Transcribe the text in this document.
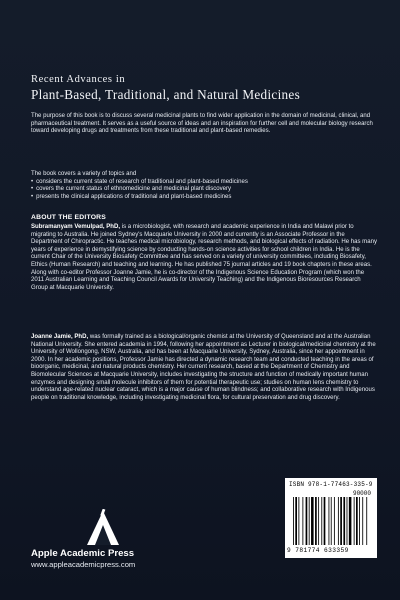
Recent Advances in
Plant-Based, Traditional, and Natural Medicines
The purpose of this book is to discuss several medicinal plants to find wider application in the domain of medicinal, clinical, and pharmaceutical treatment. It serves as a useful source of ideas and an inspiration for further cell and molecular biology research toward developing drugs and treatments from these traditional and plant-based remedies.
The book covers a variety of topics and
• considers the current state of research of traditional and plant-based medicines
• covers the current status of ethnomedicine and medicinal plant discovery
• presents the clinical applications of traditional and plant-based medicines
ABOUT THE EDITORS
Subramanyam Vemulpad, PhD, is a microbiologist, with research and academic experience in India and Malawi prior to migrating to Australia. He joined Sydney's Macquarie University in 2000 and currently is an Associate Professor in the Department of Chiropractic. He teaches medical microbiology, research methods, and biological effects of radiation. He has many years of experience in demystifying science by conducting hands-on science activities for school children in India. He is the current Chair of the University Biosafety Committee and has served on a variety of university committees, including Biosafety, Ethics (Human Research) and teaching and learning. He has published 75 journal articles and 19 book chapters in these areas. Along with co-editor Professor Joanne Jamie, he is co-director of the Indigenous Science Education Program (which won the 2011 Australian Learning and Teaching Council Awards for University Teaching) and the Indigenous Bioresources Research Group at Macquarie University.
Joanne Jamie, PhD, was formally trained as a biological/organic chemist at the University of Queensland and at the Australian National University. She entered academia in 1994, following her appointment as Lecturer in biological/medicinal chemistry at the University of Wollongong, NSW, Australia, and has been at Macquarie University, Sydney, Australia, since her appointment in 2000. In her academic positions, Professor Jamie has directed a dynamic research team and conducted teaching in the areas of bioorganic, medicinal, and natural products chemistry. Her current research, based at the Department of Chemistry and Biomolecular Sciences at Macquarie University, includes investigating the structure and function of medically important human enzymes and designing small molecule inhibitors of them for potential therapeutic use; studies on human lens chemistry to understand age-related nuclear cataract, which is a major cause of human blindness; and collaborative research with Indigenous people on traditional knowledge, including investigating medicinal flora, for cultural preservation and drug discovery.
ISBN 978-1-77463-335-9
90000
9 781774 633359
Apple Academic Press
www.appleacademicpress.com
